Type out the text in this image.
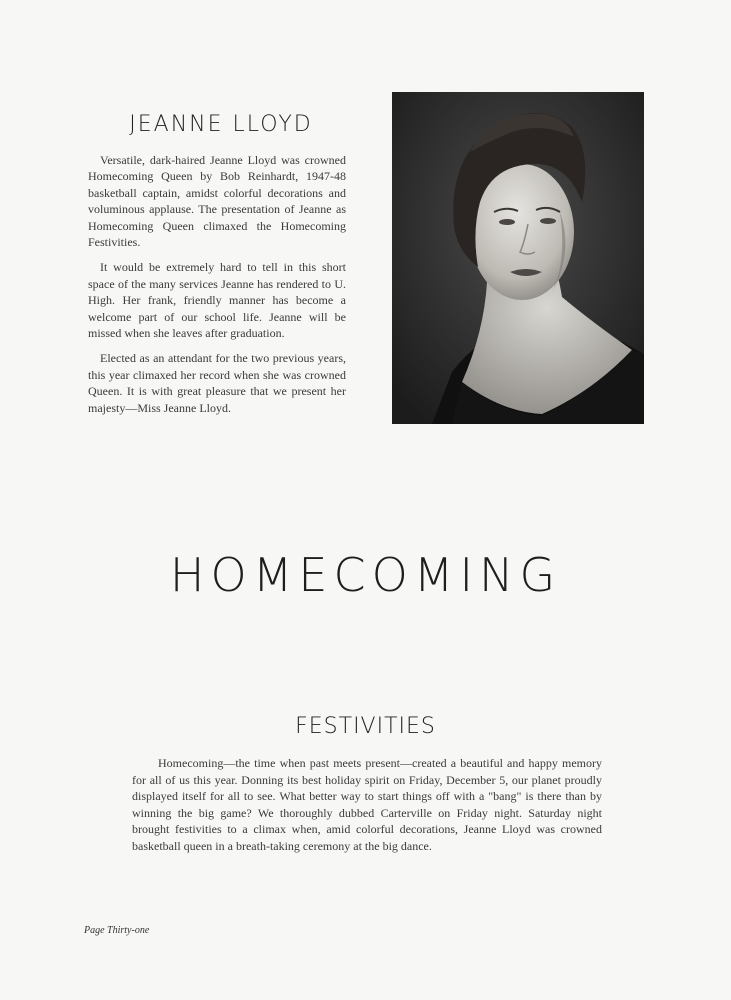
JEANNE LLOYD

Versatile, dark-haired Jeanne Lloyd was crowned Homecoming Queen by Bob Reinhardt, 1947-48 basketball captain, amidst colorful decorations and voluminous applause. The presentation of Jeanne as Homecoming Queen climaxed the Homecoming Festivities.

It would be extremely hard to tell in this short space of the many services Jeanne has rendered to U. High. Her frank, friendly manner has become a welcome part of our school life. Jeanne will be missed when she leaves after graduation.

Elected as an attendant for the two previous years, this year climaxed her record when she was crowned Queen. It is with great pleasure that we present her majesty—Miss Jeanne Lloyd.

HOMECOMING
FESTIVITIES

Homecoming—the time when past meets present—created a beautiful and happy memory for all of us this year. Donning its best holiday spirit on Friday, December 5, our planet proudly displayed itself for all to see. What better way to start things off with a "bang" is there than by winning the big game? We thoroughly dubbed Carterville on Friday night. Saturday night brought festivities to a climax when, amid colorful decorations, Jeanne Lloyd was crowned basketball queen in a breath-taking ceremony at the big dance.

Page Thirty-one
